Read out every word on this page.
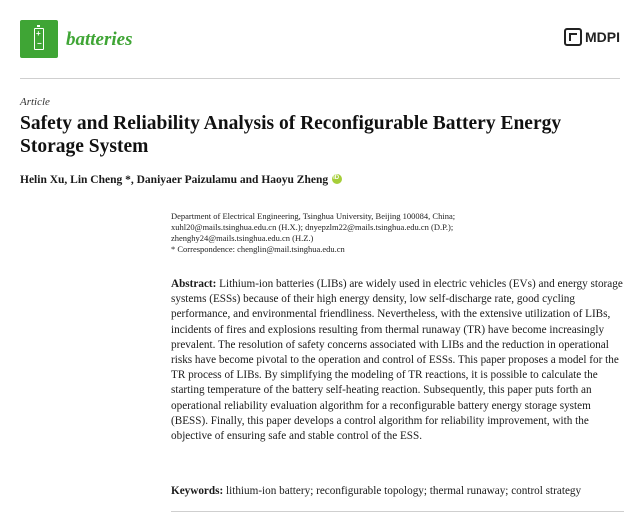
+
− batteries	MDPI
Article
Safety and Reliability Analysis of Reconfigurable Battery Energy Storage System
Helin Xu, Lin Cheng *, Daniyaer Paizulamu and Haoyu ZhengiD
Department of Electrical Engineering, Tsinghua University, Beijing 100084, China;
xuhl20@mails.tsinghua.edu.cn (H.X.); dnyepzlm22@mails.tsinghua.edu.cn (D.P.);
zhenghy24@mails.tsinghua.edu.cn (H.Z.)
* Correspondence: chenglin@mail.tsinghua.edu.cn
Abstract: Lithium-ion batteries (LIBs) are widely used in electric vehicles (EVs) and energy storage systems (ESSs) because of their high energy density, low self-discharge rate, good cycling performance, and environmental friendliness. Nevertheless, with the extensive utilization of LIBs, incidents of fires and explosions resulting from thermal runaway (TR) have become increasingly prevalent. The resolution of safety concerns associated with LIBs and the reduction in operational risks have become pivotal to the operation and control of ESSs. This paper proposes a model for the TR process of LIBs. By simplifying the modeling of TR reactions, it is possible to calculate the starting temperature of the battery self-heating reaction. Subsequently, this paper puts forth an operational reliability evaluation algorithm for a reconfigurable battery energy storage system (BESS). Finally, this paper develops a control algorithm for reliability improvement, with the objective of ensuring safe and stable control of the ESS.
Keywords: lithium-ion battery; reconfigurable topology; thermal runaway; control strategy
